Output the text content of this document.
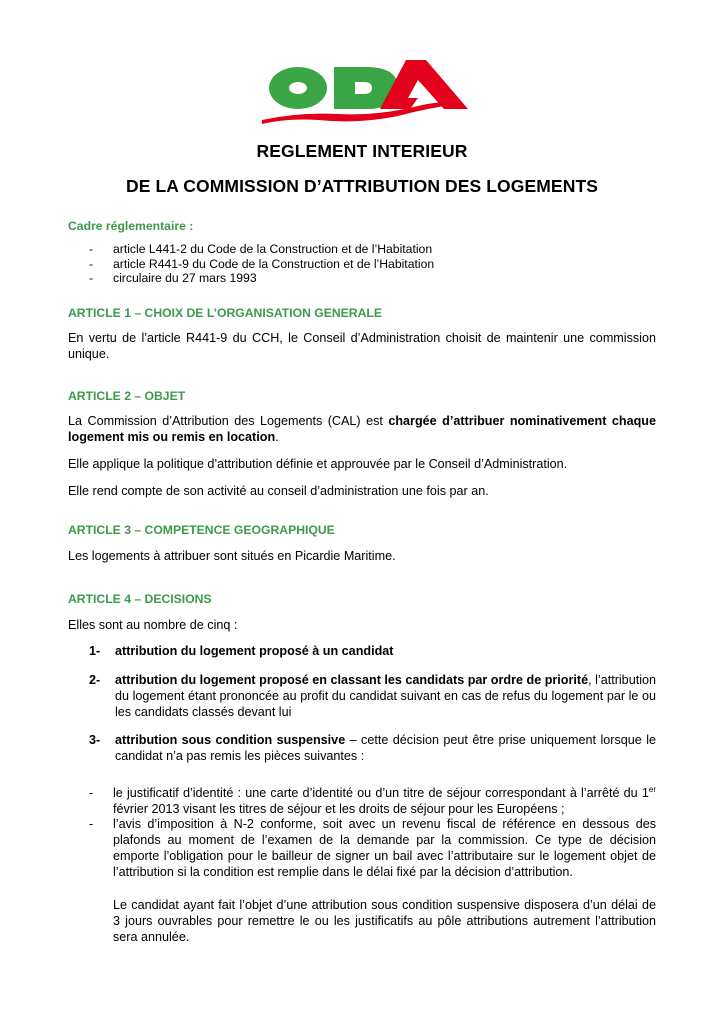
REGLEMENT INTERIEUR
DE LA COMMISSION D’ATTRIBUTION DES LOGEMENTS
Cadre réglementaire :
- article L441-2 du Code de la Construction et de l’Habitation
- article R441-9 du Code de la Construction et de l’Habitation
- circulaire du 27 mars 1993
ARTICLE 1 – CHOIX DE L’ORGANISATION GENERALE
En vertu de l’article R441-9 du CCH, le Conseil d’Administration choisit de maintenir une commission unique.
ARTICLE 2 – OBJET
La Commission d’Attribution des Logements (CAL) est chargée d’attribuer nominativement chaque logement mis ou remis en location.
Elle applique la politique d’attribution définie et approuvée par le Conseil d’Administration.
Elle rend compte de son activité au conseil d’administration une fois par an.
ARTICLE 3 – COMPETENCE GEOGRAPHIQUE
Les logements à attribuer sont situés en Picardie Maritime.
ARTICLE 4 – DECISIONS
Elles sont au nombre de cinq :
1- attribution du logement proposé à un candidat
2- attribution du logement proposé en classant les candidats par ordre de priorité, l’attribution du logement étant prononcée au profit du candidat suivant en cas de refus du logement par le ou les candidats classés devant lui
3- attribution sous condition suspensive – cette décision peut être prise uniquement lorsque le candidat n’a pas remis les pièces suivantes :
- le justificatif d’identité : une carte d’identité ou d’un titre de séjour correspondant à l’arrêté du 1er février 2013 visant les titres de séjour et les droits de séjour pour les Européens ;
- l’avis d’imposition à N-2 conforme, soit avec un revenu fiscal de référence en dessous des plafonds au moment de l’examen de la demande par la commission. Ce type de décision emporte l’obligation pour le bailleur de signer un bail avec l’attributaire sur le logement objet de l’attribution si la condition est remplie dans le délai fixé par la décision d’attribution.
Le candidat ayant fait l’objet d’une attribution sous condition suspensive disposera d’un délai de 3 jours ouvrables pour remettre le ou les justificatifs au pôle attributions autrement l’attribution sera annulée.
